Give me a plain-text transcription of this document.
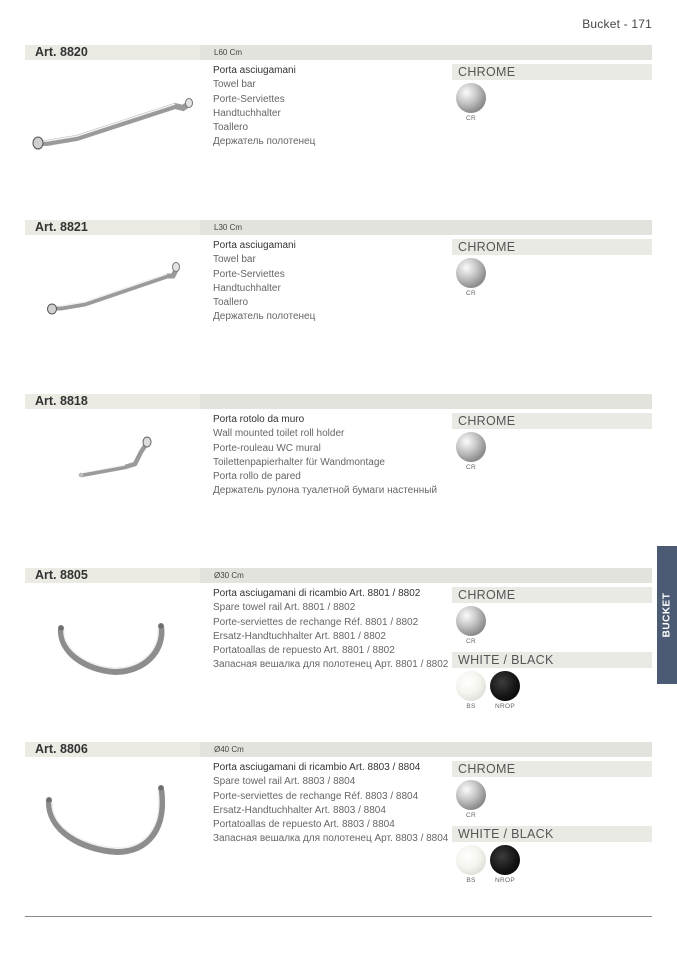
Bucket - 171
Art. 8820	L60 Cm
Porta asciugamani
Towel bar
Porte-Serviettes
Handtuchhalter
Toallero
Держатель полотенец
CHROME
CR
Art. 8821	L30 Cm
Porta asciugamani
Towel bar
Porte-Serviettes
Handtuchhalter
Toallero
Держатель полотенец
CHROME
CR
Art. 8818
Porta rotolo da muro
Wall mounted toilet roll holder
Porte-rouleau WC mural
Toilettenpapierhalter für Wandmontage
Porta rollo de pared
Держатель рулона туалетной бумаги настенный
CHROME
CR
Art. 8805	Ø30 Cm
Porta asciugamani di ricambio Art. 8801 / 8802
Spare towel rail Art. 8801 / 8802
Porte-serviettes de rechange Réf. 8801 / 8802
Ersatz-Handtuchhalter Art. 8801 / 8802
Portatoallas de repuesto Art. 8801 / 8802
Запасная вешалка для полотенец Арт. 8801 / 8802
CHROME
CR
WHITE / BLACK
BS	NROP
Art. 8806	Ø40 Cm
Porta asciugamani di ricambio Art. 8803 / 8804
Spare towel rail Art. 8803 / 8804
Porte-serviettes de rechange Réf. 8803 / 8804
Ersatz-Handtuchhalter Art. 8803 / 8804
Portatoallas de repuesto Art. 8803 / 8804
Запасная вешалка для полотенец Арт. 8803 / 8804
CHROME
CR
WHITE / BLACK
BS	NROP
BUCKET
